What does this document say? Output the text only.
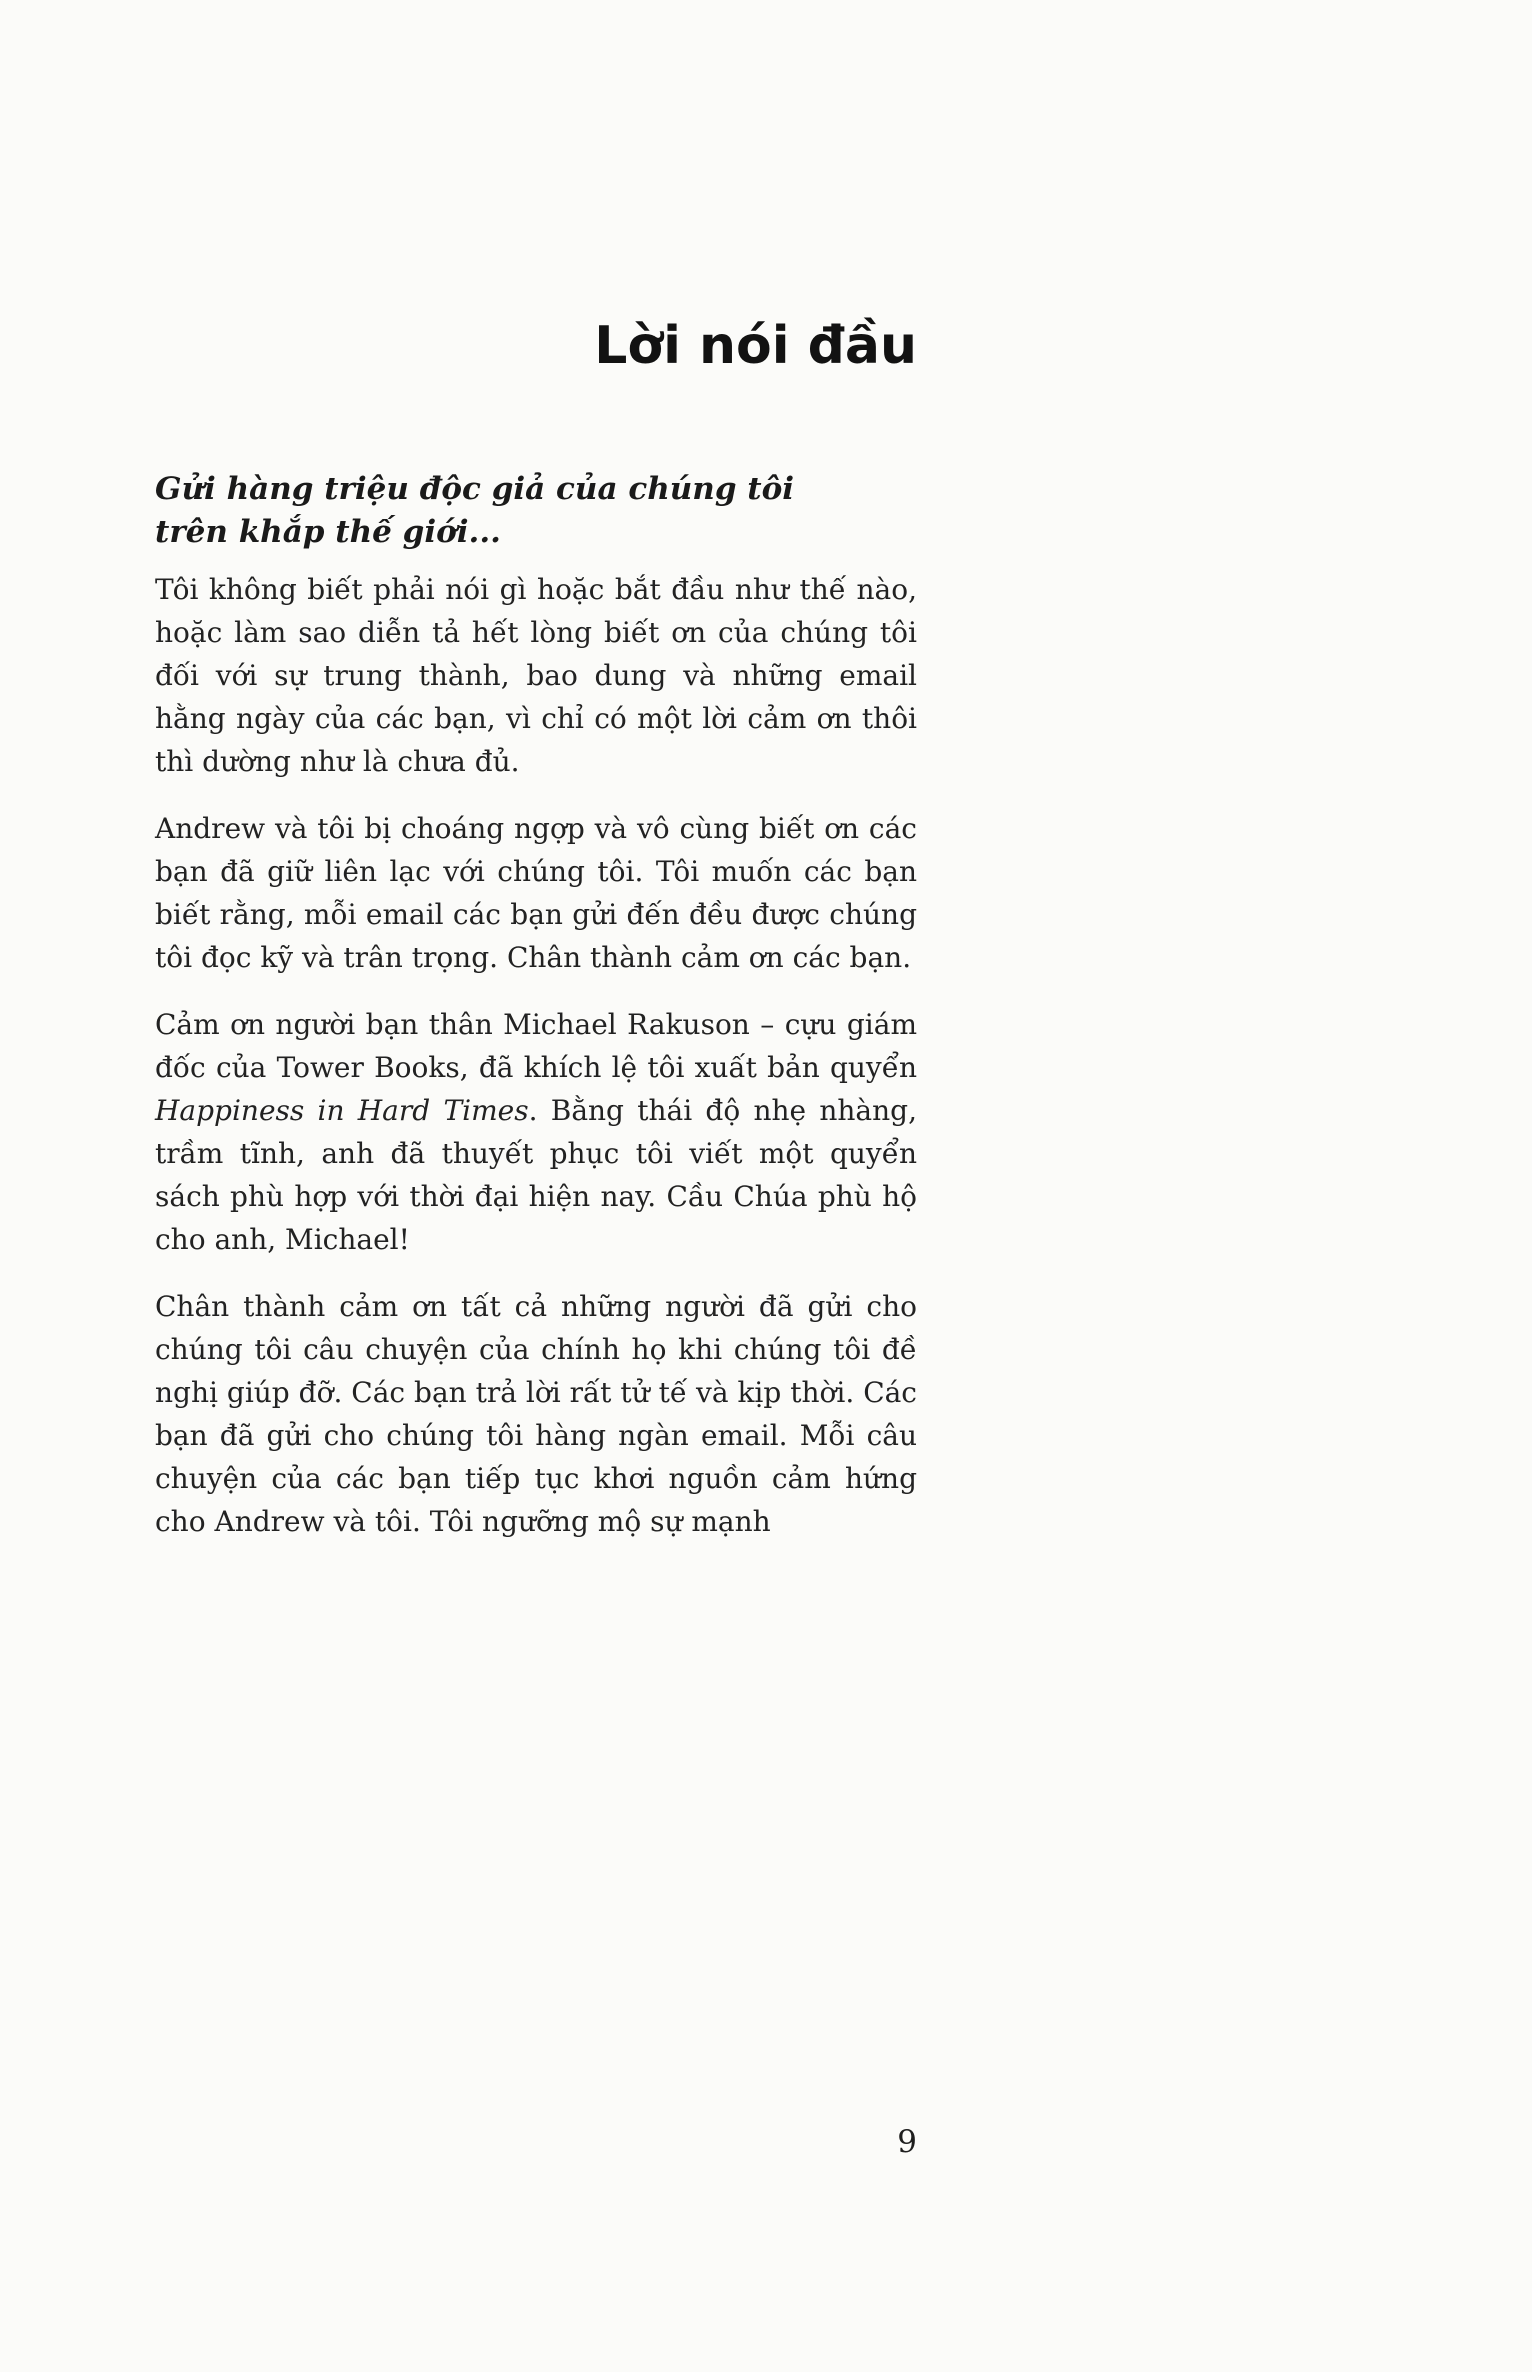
Lời nói đầu
Gửi hàng triệu độc giả của chúng tôi
trên khắp thế giới...

Tôi không biết phải nói gì hoặc bắt đầu như thế nào, hoặc làm sao diễn tả hết lòng biết ơn của chúng tôi đối với sự trung thành, bao dung và những email hằng ngày của các bạn, vì chỉ có một lời cảm ơn thôi thì dường như là chưa đủ.

Andrew và tôi bị choáng ngợp và vô cùng biết ơn các bạn đã giữ liên lạc với chúng tôi. Tôi muốn các bạn biết rằng, mỗi email các bạn gửi đến đều được chúng tôi đọc kỹ và trân trọng. Chân thành cảm ơn các bạn.

Cảm ơn người bạn thân Michael Rakuson – cựu giám đốc của Tower Books, đã khích lệ tôi xuất bản quyển Happiness in Hard Times. Bằng thái độ nhẹ nhàng, trầm tĩnh, anh đã thuyết phục tôi viết một quyển sách phù hợp với thời đại hiện nay. Cầu Chúa phù hộ cho anh, Michael!

Chân thành cảm ơn tất cả những người đã gửi cho chúng tôi câu chuyện của chính họ khi chúng tôi đề nghị giúp đỡ. Các bạn trả lời rất tử tế và kịp thời. Các bạn đã gửi cho chúng tôi hàng ngàn email. Mỗi câu chuyện của các bạn tiếp tục khơi nguồn cảm hứng cho Andrew và tôi. Tôi ngưỡng mộ sự mạnh

9
